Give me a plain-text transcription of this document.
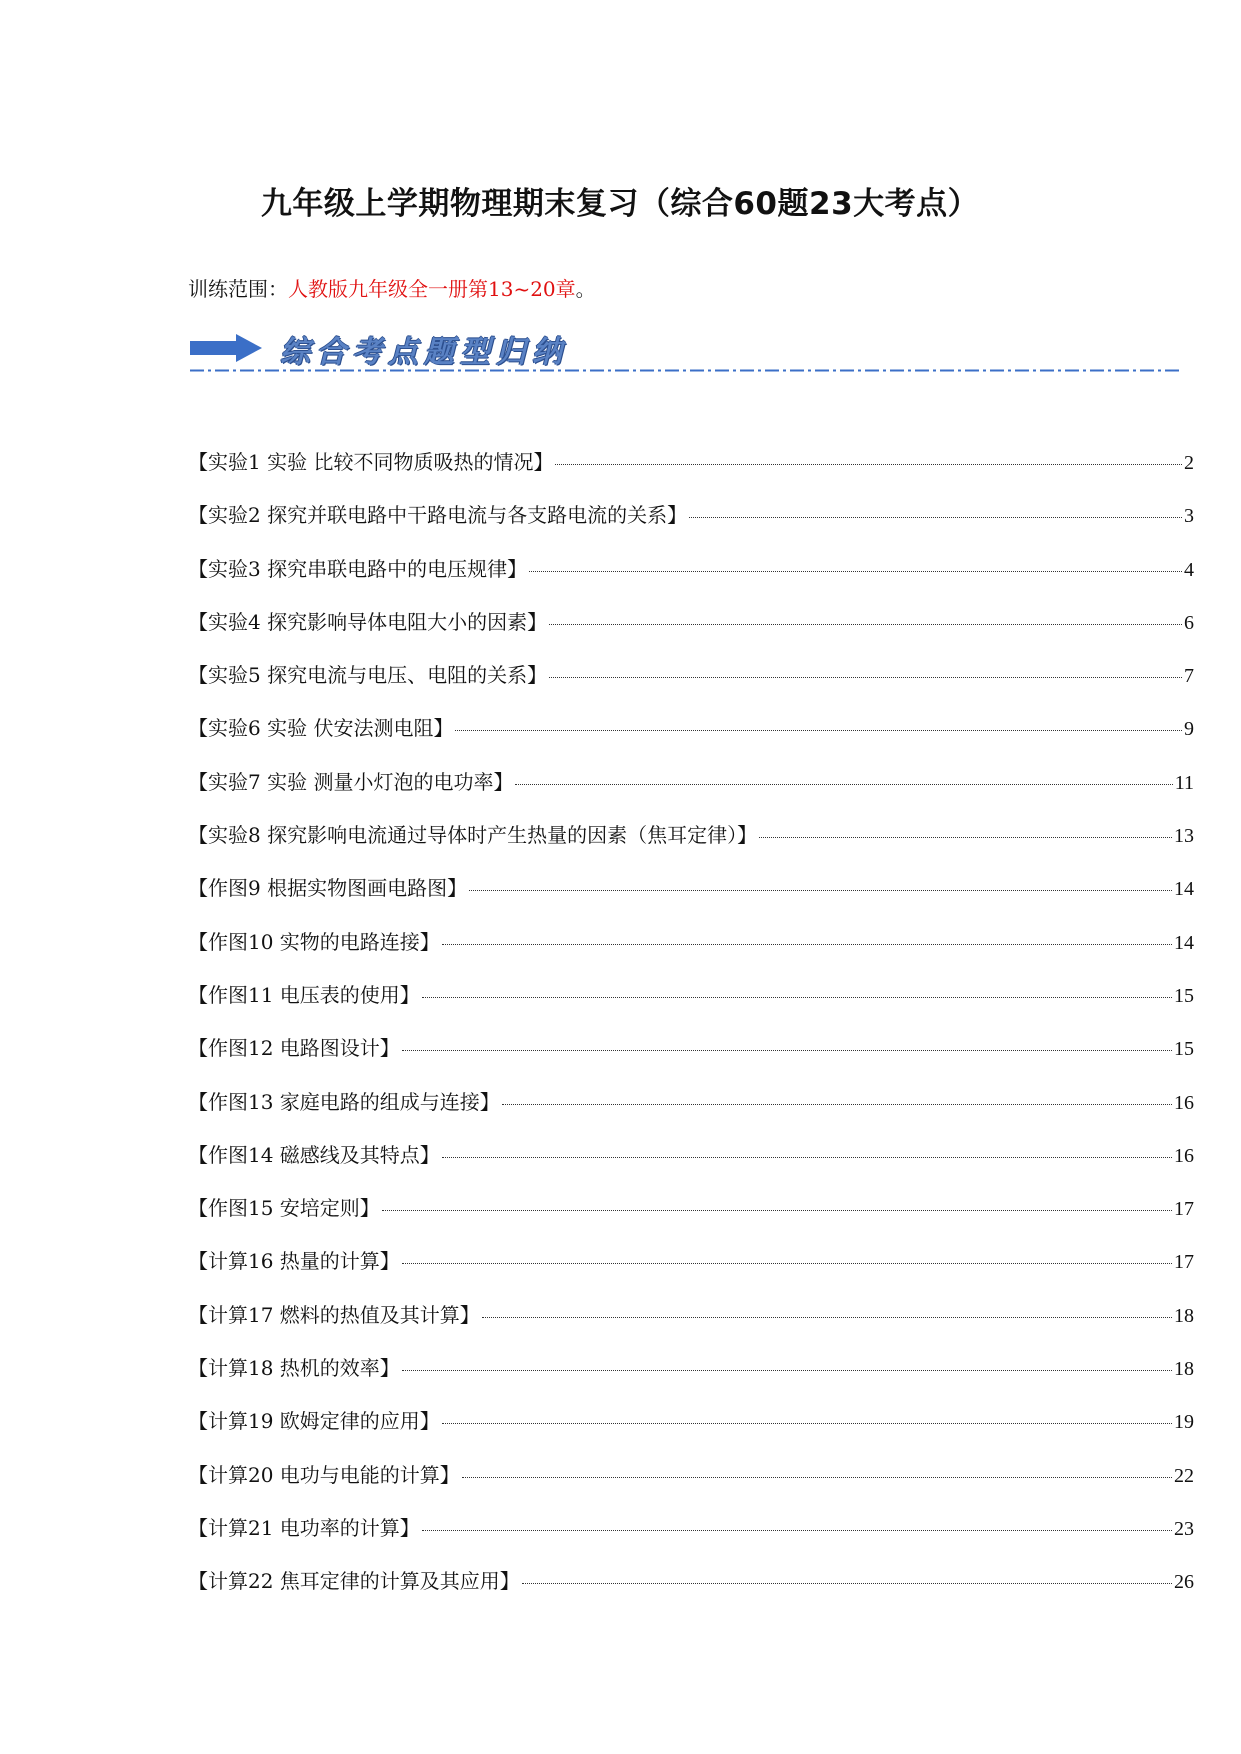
九年级上学期物理期末复习（综合60题23大考点）
训练范围：人教版九年级全一册第13~20章。
综合考点题型归纳
【实验1 实验 比较不同物质吸热的情况】	2
【实验2 探究并联电路中干路电流与各支路电流的关系】	3
【实验3 探究串联电路中的电压规律】	4
【实验4 探究影响导体电阻大小的因素】	6
【实验5 探究电流与电压、电阻的关系】	7
【实验6 实验 伏安法测电阻】	9
【实验7 实验 测量小灯泡的电功率】	11
【实验8 探究影响电流通过导体时产生热量的因素（焦耳定律）】	13
【作图9 根据实物图画电路图】	14
【作图10 实物的电路连接】	14
【作图11 电压表的使用】	15
【作图12 电路图设计】	15
【作图13 家庭电路的组成与连接】	16
【作图14 磁感线及其特点】	16
【作图15 安培定则】	17
【计算16 热量的计算】	17
【计算17 燃料的热值及其计算】	18
【计算18 热机的效率】	18
【计算19 欧姆定律的应用】	19
【计算20 电功与电能的计算】	22
【计算21 电功率的计算】	23
【计算22 焦耳定律的计算及其应用】	26
